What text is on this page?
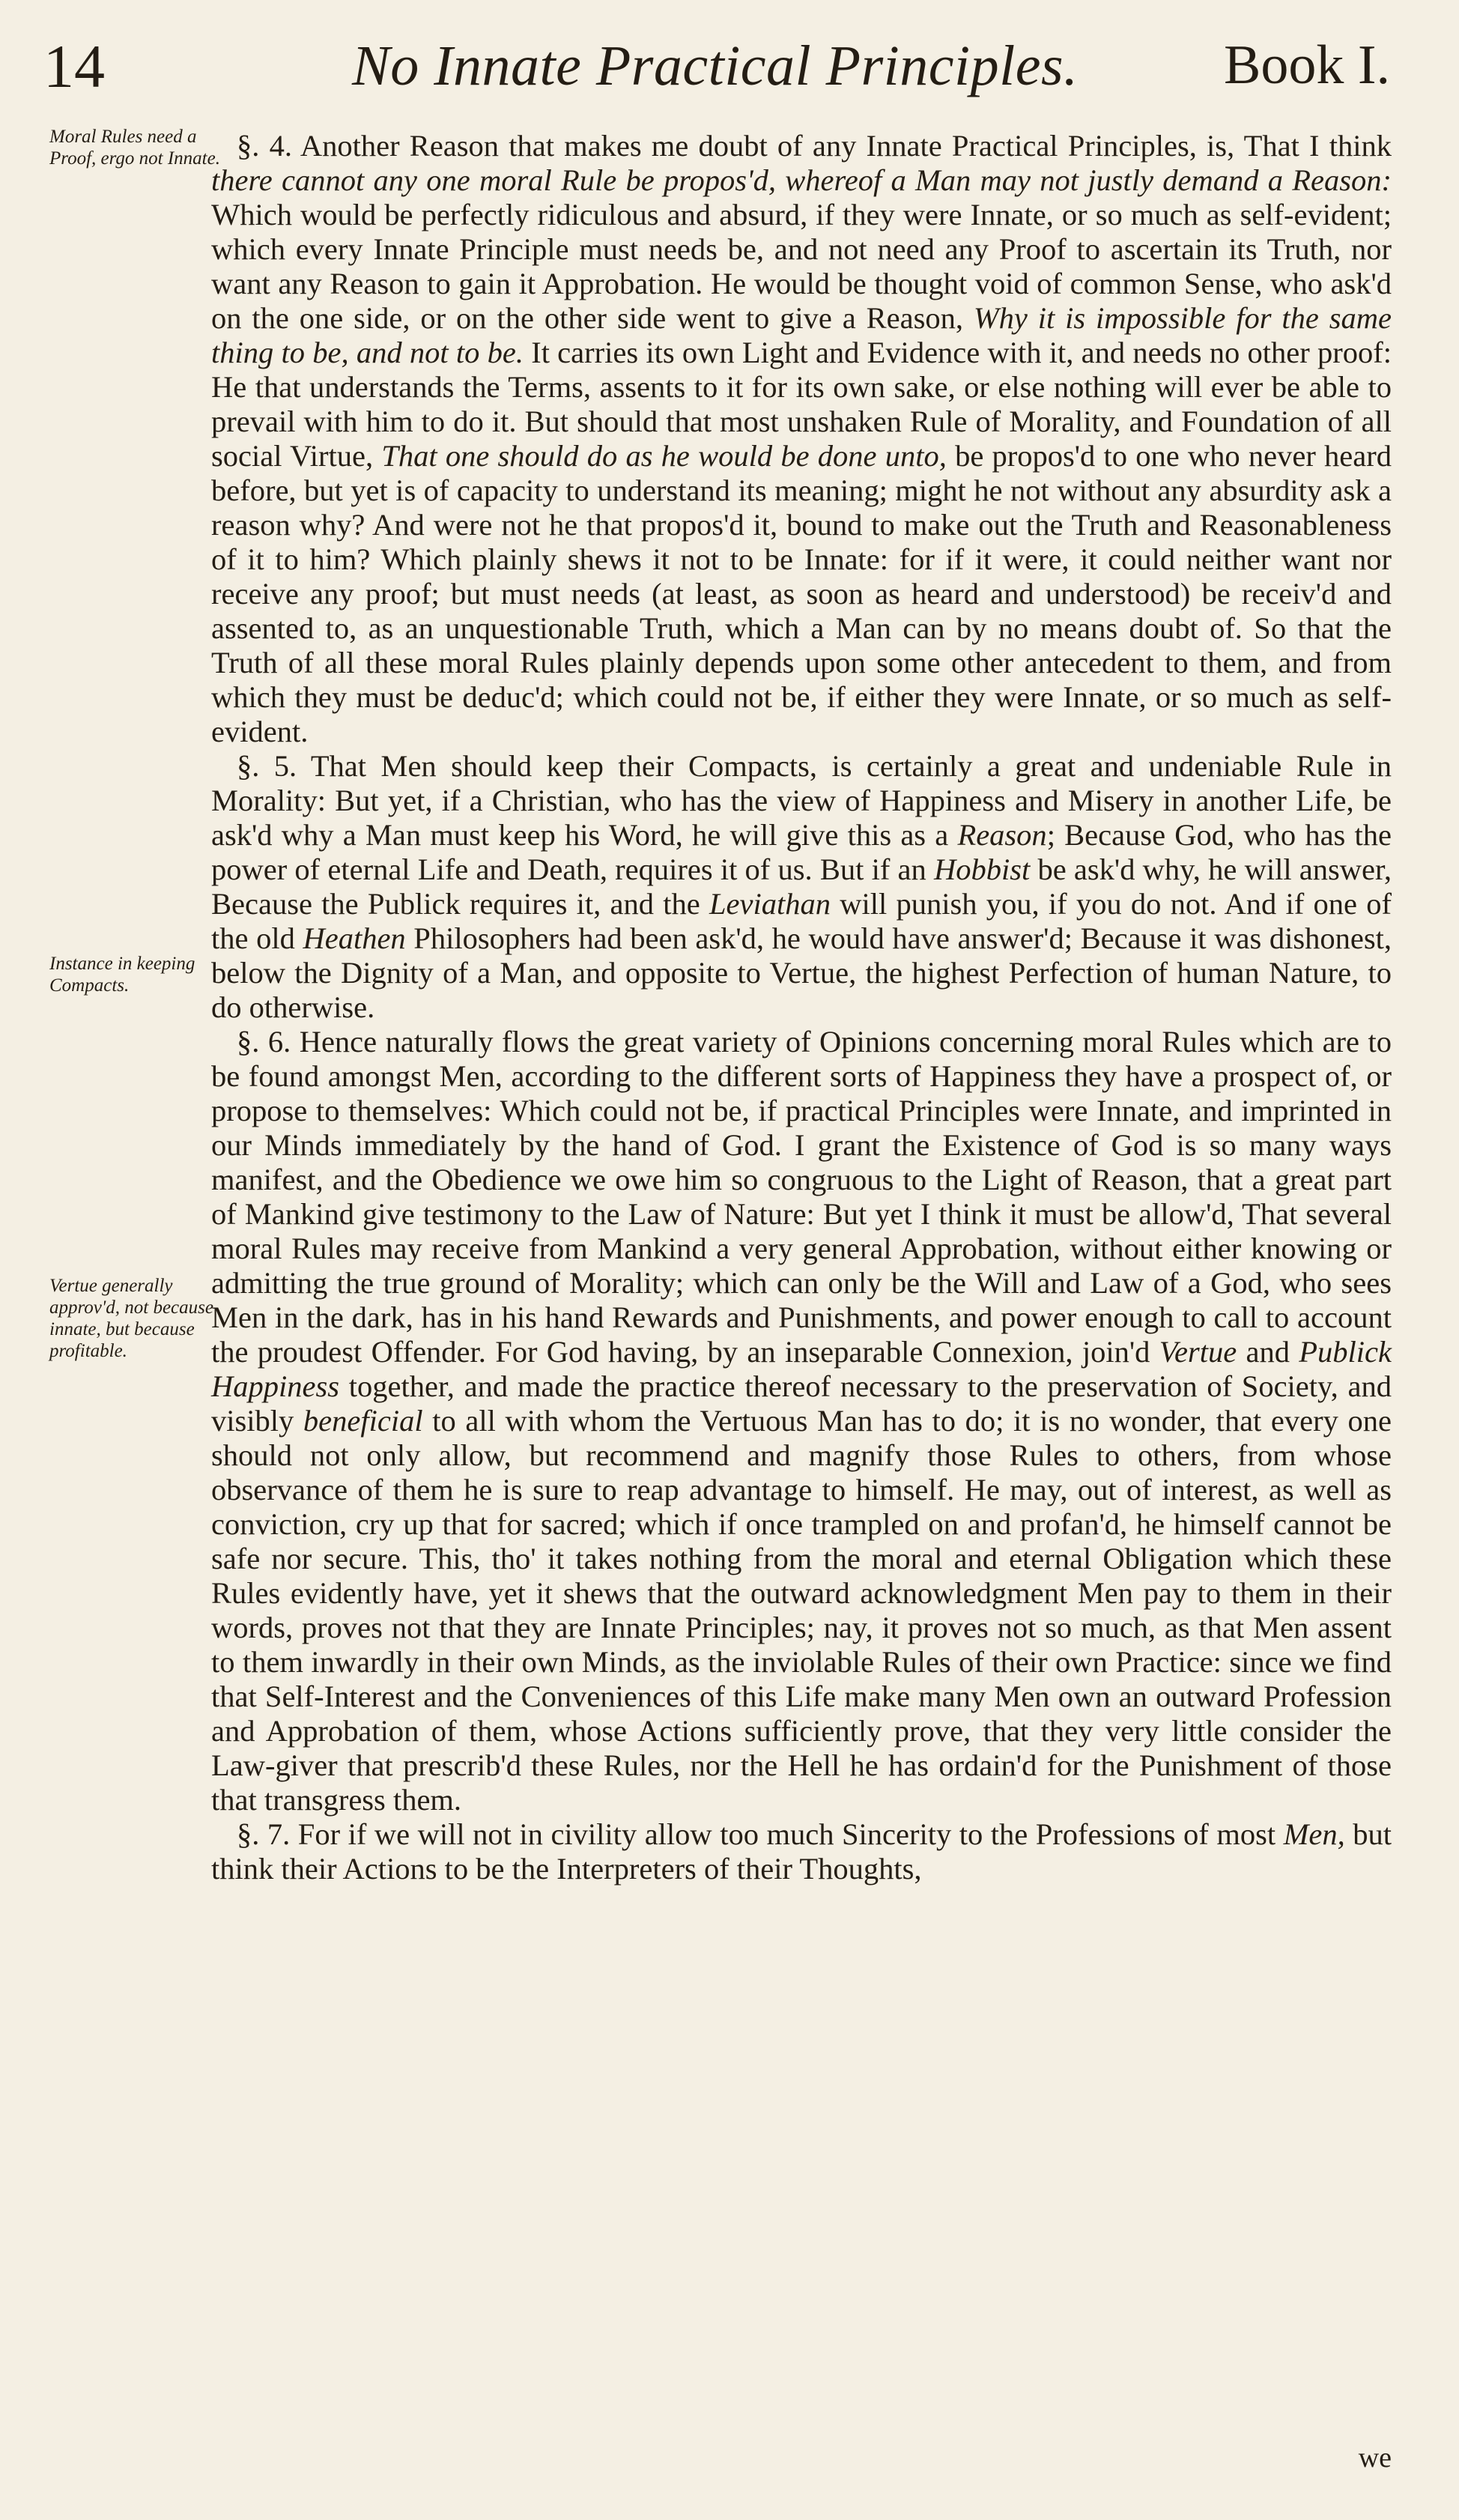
14	No Innate Practical Principles.	Book I.
Moral Rules need a Proof, ergo not Innate.
Instance in keeping Compacts.
Vertue generally approv'd, not because innate, but because profitable.

§. 4. Another Reason that makes me doubt of any Innate Practical Principles, is, That I think there cannot any one moral Rule be propos'd, whereof a Man may not justly demand a Reason: Which would be perfectly ridiculous and absurd, if they were Innate, or so much as self-evident; which every Innate Principle must needs be, and not need any Proof to ascertain its Truth, nor want any Reason to gain it Approbation. He would be thought void of common Sense, who ask'd on the one side, or on the other side went to give a Reason, Why it is impossible for the same thing to be, and not to be. It carries its own Light and Evidence with it, and needs no other proof: He that understands the Terms, assents to it for its own sake, or else nothing will ever be able to prevail with him to do it. But should that most unshaken Rule of Morality, and Foundation of all social Virtue, That one should do as he would be done unto, be propos'd to one who never heard before, but yet is of capacity to understand its meaning; might he not without any absurdity ask a reason why? And were not he that propos'd it, bound to make out the Truth and Reasonableness of it to him? Which plainly shews it not to be Innate: for if it were, it could neither want nor receive any proof; but must needs (at least, as soon as heard and understood) be receiv'd and assented to, as an unquestionable Truth, which a Man can by no means doubt of. So that the Truth of all these moral Rules plainly depends upon some other antecedent to them, and from which they must be deduc'd; which could not be, if either they were Innate, or so much as self-evident.

§. 5. That Men should keep their Compacts, is certainly a great and undeniable Rule in Morality: But yet, if a Christian, who has the view of Happiness and Misery in another Life, be ask'd why a Man must keep his Word, he will give this as a Reason; Because God, who has the power of eternal Life and Death, requires it of us. But if an Hobbist be ask'd why, he will answer, Because the Publick requires it, and the Leviathan will punish you, if you do not. And if one of the old Heathen Philosophers had been ask'd, he would have answer'd; Because it was dishonest, below the Dignity of a Man, and opposite to Vertue, the highest Perfection of human Nature, to do otherwise.

§. 6. Hence naturally flows the great variety of Opinions concerning moral Rules which are to be found amongst Men, according to the different sorts of Happiness they have a prospect of, or propose to themselves: Which could not be, if practical Principles were Innate, and imprinted in our Minds immediately by the hand of God. I grant the Existence of God is so many ways manifest, and the Obedience we owe him so congruous to the Light of Reason, that a great part of Mankind give testimony to the Law of Nature: But yet I think it must be allow'd, That several moral Rules may receive from Mankind a very general Approbation, without either knowing or admitting the true ground of Morality; which can only be the Will and Law of a God, who sees Men in the dark, has in his hand Rewards and Punishments, and power enough to call to account the proudest Offender. For God having, by an inseparable Connexion, join'd Vertue and Publick Happiness together, and made the practice thereof necessary to the preservation of Society, and visibly beneficial to all with whom the Vertuous Man has to do; it is no wonder, that every one should not only allow, but recommend and magnify those Rules to others, from whose observance of them he is sure to reap advantage to himself. He may, out of interest, as well as conviction, cry up that for sacred; which if once trampled on and profan'd, he himself cannot be safe nor secure. This, tho' it takes nothing from the moral and eternal Obligation which these Rules evidently have, yet it shews that the outward acknowledgment Men pay to them in their words, proves not that they are Innate Principles; nay, it proves not so much, as that Men assent to them inwardly in their own Minds, as the inviolable Rules of their own Practice: since we find that Self-Interest and the Conveniences of this Life make many Men own an outward Profession and Approbation of them, whose Actions sufficiently prove, that they very little consider the Law-giver that prescrib'd these Rules, nor the Hell he has ordain'd for the Punishment of those that transgress them.

§. 7. For if we will not in civility allow too much Sincerity to the Professions of most Men, but think their Actions to be the Interpreters of their Thoughts,

we
